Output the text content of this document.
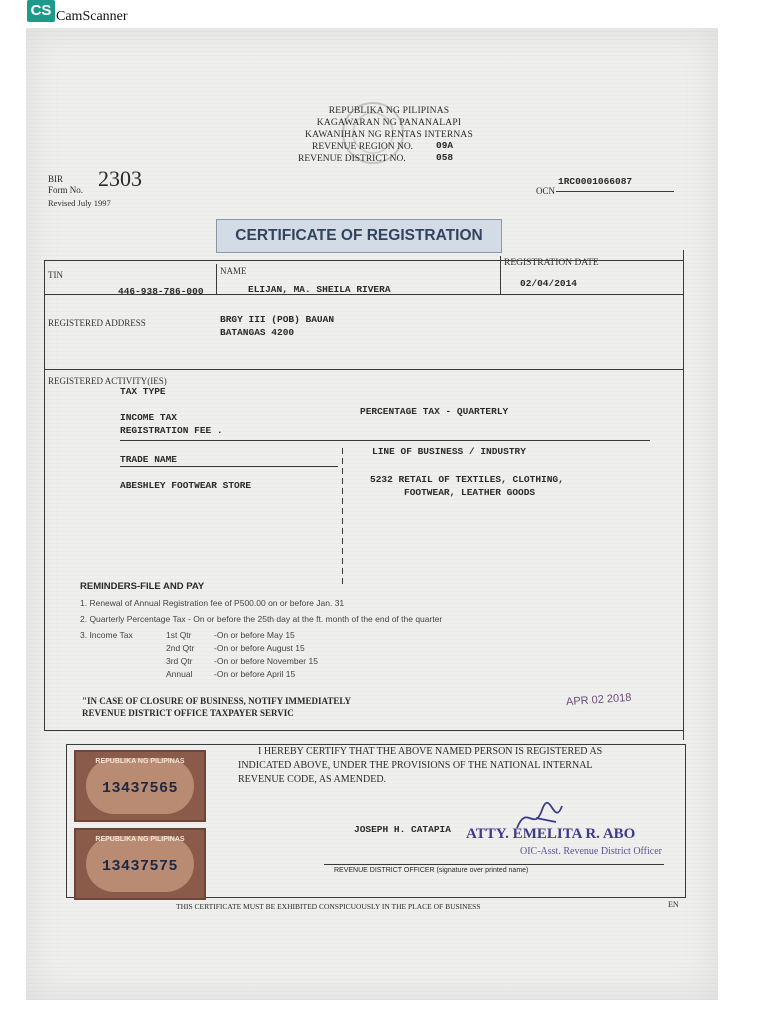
CS CamScanner
REPUBLIKA NG PILIPINAS
KAGAWARAN NG PANANALAPI
KAWANIHAN NG RENTAS INTERNAS
REVENUE REGION NO. 09A
REVENUE DISTRICT NO.	058
BIR
Form No. 2303
Revised July 1997
OCN
1RC0001066087
CERTIFICATE OF REGISTRATION
TIN
446-938-786-000
NAME
ELIJAN, MA. SHEILA RIVERA
REGISTRATION DATE
02/04/2014
REGISTERED ADDRESS	BRGY III (POB) BAUAN
BATANGAS 4200
REGISTERED ACTIVITY(IES)
TAX TYPE
INCOME TAX
REGISTRATION FEE .
PERCENTAGE TAX - QUARTERLY
TRADE NAME
ABESHLEY FOOTWEAR STORE
LINE OF BUSINESS / INDUSTRY
5232 RETAIL OF TEXTILES, CLOTHING,
FOOTWEAR, LEATHER GOODS
REMINDERS-FILE AND PAY
1. Renewal of Annual Registration fee of P500.00 on or before Jan. 31
2. Quarterly Percentage Tax - On or before the 25th day at the ft. month of the end of the quarter
3. Income Tax	1st Qtr	-On or before May 15
2nd Qtr -On or before August 15
3rd Qtr	-On or before November 15
Annual	-On or before April 15
"IN CASE OF CLOSURE OF BUSINESS, NOTIFY IMMEDIATELY
REVENUE DISTRICT OFFICE TAXPAYER SERVIC
APR 02 2018
REPUBLIKA NG PILIPINAS
13437565
REPUBLIKA NG PILIPINAS
13437575
I HEREBY CERTIFY THAT THE ABOVE NAMED PERSON IS REGISTERED AS
INDICATED ABOVE, UNDER THE PROVISIONS OF THE NATIONAL INTERNAL
REVENUE CODE, AS AMENDED.
JOSEPH H. CATAPIA ATTY. EMELITA R. ABO
OIC-Asst. Revenue District Officer
REVENUE DISTRICT OFFICER (signature over printed name)
THIS CERTIFICATE MUST BE EXHIBITED CONSPICUOUSLY IN THE PLACE OF BUSINESS	EN
